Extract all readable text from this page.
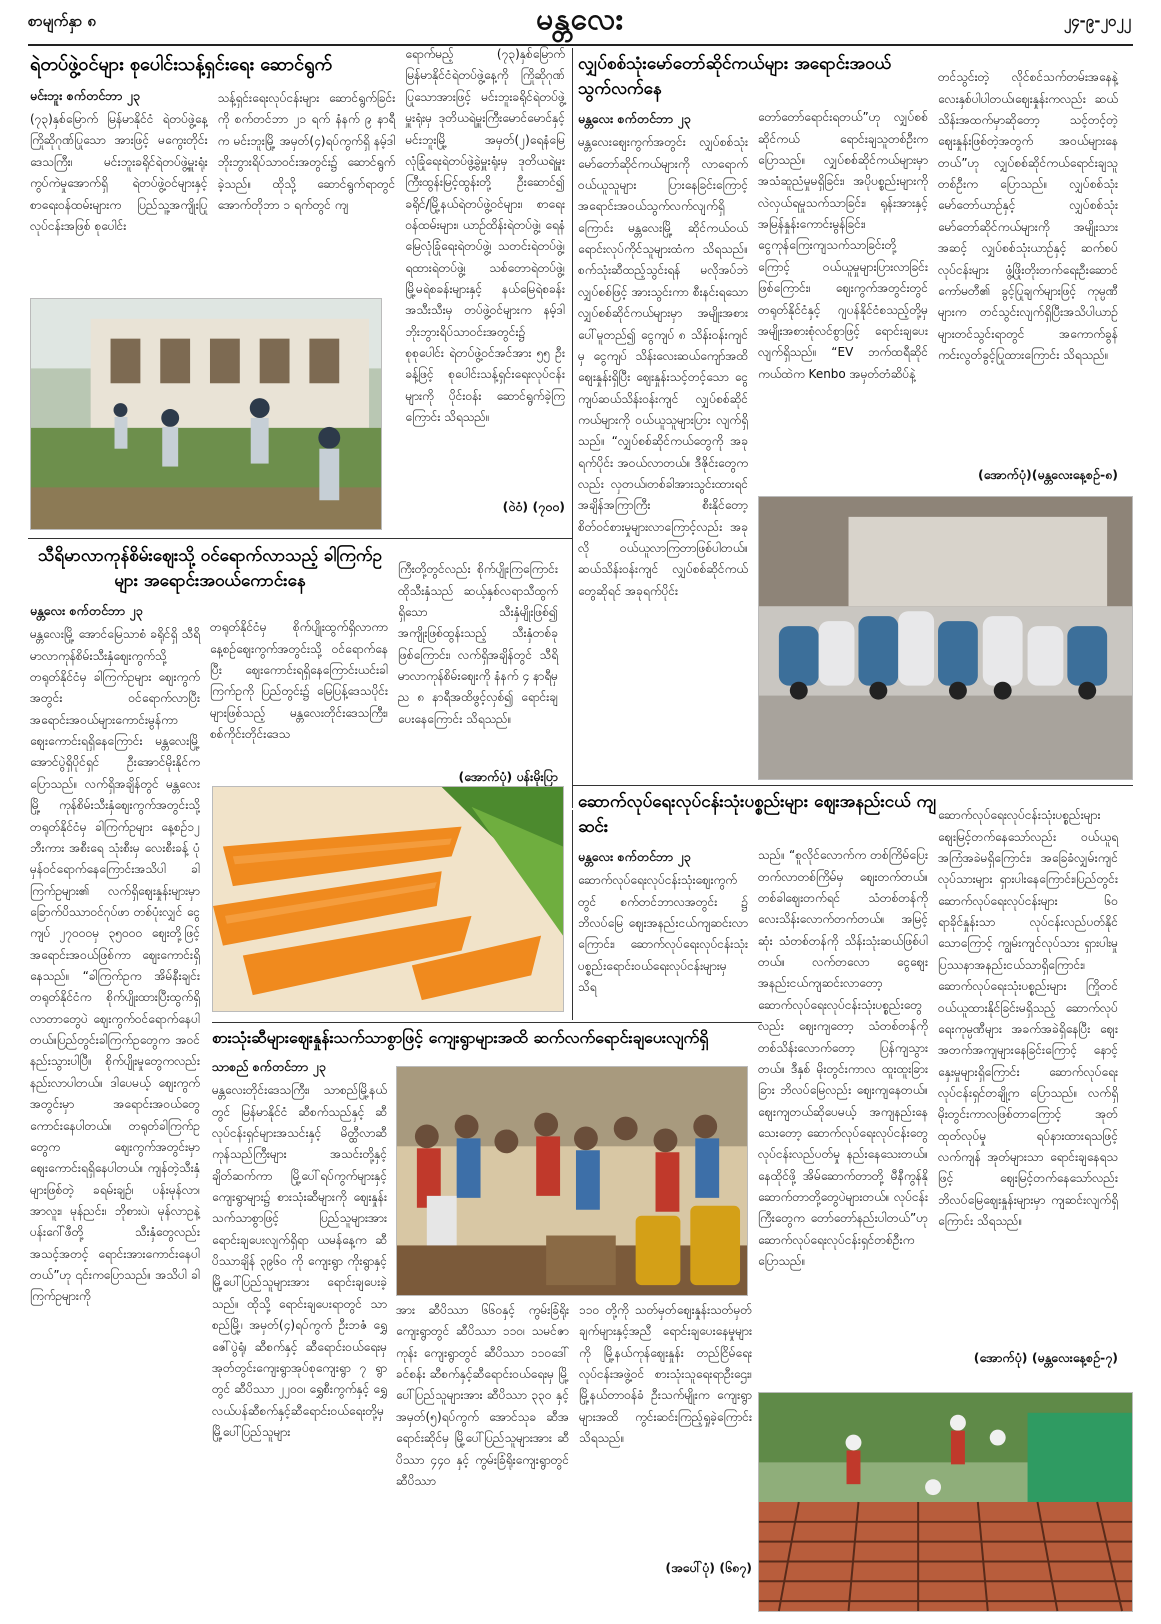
စာမျက်နှာ ၈	မန္တလေး	၂၄-၉-၂၀၂၂
ရဲတပ်ဖွဲ့ဝင်များ စုပေါင်းသန့်ရှင်းရေး ဆောင်ရွက်
မင်းဘူး စက်တင်ဘာ ၂၃
(၇၃)နှစ်မြောက် မြန်မာနိုင်ငံ ရဲတပ်ဖွဲ့နေ့ ကြိုဆိုဂုဏ်ပြုသော အားဖြင့် မကွေးတိုင်းဒေသကြီး၊ မင်းဘူးခရိုင်ရဲတပ်ဖွဲ့မှူးရုံး ကွပ်ကဲမှုအောက်ရှိ ရဲတပ်ဖွဲ့ဝင်များနှင့် စာရေးဝန်ထမ်းများက ပြည်သူ့အကျိုးပြုလုပ်ငန်းအဖြစ် စုပေါင်း
သန့်ရှင်းရေးလုပ်ငန်းများ ဆောင်ရွက်ခြင်းကို စက်တင်ဘာ ၂၁ ရက် နံနက် ၉ နာရီက မင်းဘူးမြို့ အမှတ်(၄)ရပ်ကွက်ရှိ နမ့်ဒါဘိုးဘွားရိပ်သာဝင်းအတွင်း၌ ဆောင်ရွက်ခဲ့သည်။ ထိုသို့ ဆောင်ရွက်ရာတွင် အောက်တိုဘာ ၁ ရက်တွင် ကျ
ရောက်မည့် (၇၃)နှစ်မြောက် မြန်မာနိုင်ငံရဲတပ်ဖွဲ့နေ့ကို ကြိုဆိုဂုဏ်ပြုသောအားဖြင့် မင်းဘူးခရိုင်ရဲတပ်ဖွဲ့မှူးရုံးမှ ဒုတိယရဲမှူးကြီးမောင်မောင်နှင့် မင်းဘူးမြို့ အမှတ်(၂)ရေနံမြေလုံခြုံရေးရဲတပ်ဖွဲ့ခွဲမှူးရုံးမှ ဒုတိယရဲမှူးကြီးထွန်းမြင့်ထွန်းတို့ ဦးဆောင်၍ ခရိုင်/မြို့နယ်ရဲတပ်ဖွဲ့ဝင်များ၊ စာရေးဝန်ထမ်းများ၊ ယာဉ်ထိန်းရဲတပ်ဖွဲ့၊ ရေနံမြေလုံခြုံရေးရဲတပ်ဖွဲ့၊ သတင်းရဲတပ်ဖွဲ့၊ ရထားရဲတပ်ဖွဲ့၊ သစ်တောရဲတပ်ဖွဲ့၊ မြို့မရဲစခန်းများနှင့် နယ်မြေရဲစခန်းအသီးသီးမှ တပ်ဖွဲ့ဝင်များက နမ့်ဒါဘိုးဘွားရိပ်သာဝင်းအတွင်း၌ စုစုပေါင်း ရဲတပ်ဖွဲ့ဝင်အင်အား ၅၅ ဦးခန့်ဖြင့် စုပေါင်းသန့်ရှင်းရေးလုပ်ငန်းများကို ပိုင်းဝန်း ဆောင်ရွက်ခဲ့ကြကြောင်း သိရသည်။
(ဝဲ၀ံ) (၇၀၀)
လျှပ်စစ်သုံးမော်တော်ဆိုင်ကယ်များ အရောင်းအဝယ်သွက်လက်နေ
မန္တလေး စက်တင်ဘာ ၂၃
မန္တလေးဈေးကွက်အတွင်း လျှပ်စစ်သုံး မော်တော်ဆိုင်ကယ်များကို လာရောက်ဝယ်ယူသူများ ပြားနေခြင်းကြောင့် အရောင်းအဝယ်သွက်လက်လျက်ရှိကြောင်း မန္တလေးမြို့ ဆိုင်ကယ်ဝယ်ရောင်းလုပ်ကိုင်သူများထံက သိရသည်။ စက်သုံးဆီထည့်သွင်းရန် မလိုအပ်ဘဲ လျှပ်စစ်ဖြင့် အားသွင်းကာ စီးနင်းရသော လျှပ်စစ်ဆိုင်ကယ်များမှာ အမျိုးအစားပေါ်မူတည်၍ ငွေကျပ် ၈ သိန်းဝန်းကျင်မှ ငွေကျပ် သိန်းလေးဆယ်ကျော်အထိ ဈေးနှုန်းရှိပြီး ဈေးနှုန်းသင့်တင့်သော ငွေကျပ်ဆယ်သိန်းဝန်းကျင် လျှပ်စစ်ဆိုင်ကယ်များကို ဝယ်ယူသူများပြား လျက်ရှိသည်။ “လျှပ်စစ်ဆိုင်ကယ်တွေကို အခုရက်ပိုင်း အဝယ်လာတယ်။ ဒီဇိုင်းတွေကလည်း လှတယ်၊တစ်ခါအားသွင်းထားရင် အချိန်အကြာကြီး စီးနိုင်တော့ စိတ်ဝင်စားမှုများလာကြောင့်လည်း အခုလို ဝယ်ယူလာကြတာဖြစ်ပါတယ်။ ဆယ်သိန်းဝန်းကျင် လျှပ်စစ်ဆိုင်ကယ်တွေဆိုရင် အခုရက်ပိုင်း
တော်တော်ရောင်းရတယ်”ဟု လျှပ်စစ်ဆိုင်ကယ် ရောင်းချသူတစ်ဦးက ပြောသည်။ လျှပ်စစ်ဆိုင်ကယ်များမှာ အသံဆူညံမှုမရှိခြင်း၊ အပိုပစ္စည်းများကို လဲလှယ်ရမှုသက်သာခြင်း၊ ရုန်းအားနှင့် အမြန်နှုန်းကောင်းမွန်ခြင်း၊ ငွေကုန်ကြေးကျသက်သာခြင်းတို့ကြောင့် ဝယ်ယူမှုများပြားလာခြင်းဖြစ်ကြောင်း၊ ဈေးကွက်အတွင်းတွင် တရုတ်နိုင်ငံနှင့် ဂျပန်နိုင်ငံစသည့်တို့မှ အမျိုးအစားစုံလင်စွာဖြင့် ရောင်းချပေးလျက်ရှိသည်။ “EV ဘက်ထရီဆိုင်ကယ်ထဲက Kenbo အမှတ်တံဆိပ်နဲ့
တင်သွင်းတဲ့ လိုင်စင်သက်တမ်းအနေနဲ့ လေးနှစ်ပါပါတယ်၊ဈေးနှုန်းကလည်း ဆယ်သိန်းအထက်မှာဆိုတော့ သင့်တင့်တဲ့ဈေးနှုန်းဖြစ်တဲ့အတွက် အဝယ်များနေတယ်”ဟု လျှပ်စစ်ဆိုင်ကယ်ရောင်းချသူတစ်ဦးက ပြောသည်။ လျှပ်စစ်သုံးမော်တော်ယာဉ်နှင့် လျှပ်စစ်သုံးမော်တော်ဆိုင်ကယ်များကို အမျိုးသားအဆင့် လျှပ်စစ်သုံးယာဉ်နှင့် ဆက်စပ်လုပ်ငန်းများ ဖွံ့ဖြိုးတိုးတက်ရေးဦးဆောင်ကော်မတီ၏ ခွင့်ပြုချက်များဖြင့် ကုမ္ပဏီများက တင်သွင်းလျက်ရှိပြီးအသိပါယာဉ်များတင်သွင်းရာတွင် အကောက်ခွန် ကင်းလွတ်ခွင့်ပြုထားကြောင်း သိရသည်။
(အောက်ပုံ)(မန္တလေးနေ့စဉ်-၈)
သီရိမာလာကုန်စိမ်းဈေးသို့ ဝင်ရောက်လာသည့် ခါကြက်ဥများ အရောင်းအဝယ်ကောင်းနေ
မန္တလေး စက်တင်ဘာ ၂၃
မန္တလေးမြို့ အောင်မြေသာစံ ခရိုင်ရှိ သီရိမာလာကုန်စိမ်းသီးနှံဈေးကွက်သို့ တရုတ်နိုင်ငံမှ ခါကြက်ဥများ ဈေးကွက်အတွင်း ဝင်ရောက်လာပြီး အရောင်းအဝယ်များကောင်းမွန်ကာ ဈေးကောင်းရရှိနေကြောင်း မန္တလေးမြို့ အောင်ပွဲရှိပိုင်ရှင် ဦးအောင်မိုးနိုင်က ပြောသည်။ လက်ရှိအချိန်တွင် မန္တလေးမြို့ ကုန်စိမ်းသီးနှံဈေးကွက်အတွင်းသို့ တရုတ်နိုင်ငံမှ ခါကြက်ဥများ နေ့စဉ်၁၂ ဘီးကား အစီးရေ သုံးစီးမှ လေးစီးခန့် ပုံမှန်ဝင်ရောက်နေကြောင်းအသိပါ ခါကြက်ဥများ၏ လက်ရှိဈေးနှုန်းများမှာ ခြောက်ပိဿာဝင်ဂုပ်ဖာ တစ်ပုံးလျှင် ငွေကျပ် ၂၇၀၀၀မှ ၃၅၀၀၀ ဈေးတို့ဖြင့် အရောင်းအဝယ်ဖြစ်ကာ ဈေးကောင်းရှိနေသည်။ “ခါကြက်ဥက အိမ်နီးချင်းတရုတ်နိုင်ငံက စိုက်ပျိုးထားပြီးထွက်ရှိလာတာတွေပဲ ဈေးကွက်ဝင်ရောက်နေပါတယ်။ပြည်တွင်းခါကြက်ဥတွေက အဝင်နည်းသွားပါပြီ။ စိုက်ပျိုးမှုတွေကလည်း နည်းလာပါတယ်။ ဒါပေမယ့် ဈေးကွက်အတွင်းမှာ အရောင်းအဝယ်တွေ ကောင်းနေပါတယ်။ တရုတ်ခါကြက်ဥတွေက ဈေးကွက်အတွင်းမှာ ဈေးကောင်းရရှိနေပါတယ်။ ကျန်တဲ့သီးနှံများဖြစ်တဲ့ ခရမ်းချဉ်၊ ပန်းမုန်လာ၊ အာလူး၊ မုန်ညင်း၊ ဘိုစားပဲ၊ မုန်လာဥနဲ့ ပန်းဂေါ်ဖီတို့ သီးနှံတွေလည်း အသင့်အတင့် ရောင်းအားကောင်းနေပါတယ်”ဟု ၎င်းကပြောသည်။ အသိပါ ခါကြက်ဥများကို
တရုတ်နိုင်ငံမှ စိုက်ပျိုးထွက်ရှိလာကာ နေ့စဉ်ဈေးကွက်အတွင်းသို့ ဝင်ရောက်နေပြီး ဈေးကောင်းရရှိနေကြောင်းယင်းခါကြက်ဥကို ပြည်တွင်း၌ မြေပြန့်ဒေသပိုင်းများဖြစ်သည့် မန္တလေးတိုင်းဒေသကြီး၊ စစ်ကိုင်းတိုင်းဒေသ
ကြီးတို့တွင်လည်း စိုက်ပျိုးကြကြောင်းထိုသီးနှံသည် ဆယ့်နှစ်လရာသီထွက်ရှိသော သီးနှံမျိုးဖြစ်၍ အကျိုးဖြစ်ထွန်းသည့် သီးနှံတစ်ခုဖြစ်ကြောင်း၊ လက်ရှိအချိန်တွင် သီရိမာလာကုန်စိမ်းဈေးကို နံနက် ၄ နာရီမှ ည ၈ နာရီအထိဖွင့်လှစ်၍ ရောင်းချပေးနေကြောင်း သိရသည်။
(အောက်ပုံ) ပန်းမိုးပြာ
ဆောက်လုပ်ရေးလုပ်ငန်းသုံးပစ္စည်းများ ဈေးအနည်းငယ် ကျဆင်း
မန္တလေး စက်တင်ဘာ ၂၃
ဆောက်လုပ်ရေးလုပ်ငန်းသုံးဈေးကွက်တွင် စက်တင်ဘာလအတွင်း ၌ ဘိလပ်မြေ ဈေးအနည်းငယ်ကျဆင်းလာကြောင်း၊ ဆောက်လုပ်ရေးလုပ်ငန်းသုံးပစ္စည်းရောင်းဝယ်ရေးလုပ်ငန်းများမှ သိရ
သည်။ “စူလိုင်လောက်က တစ်ကြိမ်ပြေးတက်လာတစ်ကြိမ်မှ ဈေးတက်တယ်။ တစ်ခါဈေးတက်ရင် သံတစ်တန်ကို လေးသိန်းလောက်တက်တယ်။ အမြင့်ဆုံး သံတစ်တန်ကို သိန်းသုံးဆယ်ဖြစ်ပါတယ်။ လက်တလော ငွေဈေးအနည်းငယ်ကျဆင်းလာတော့ ဆောက်လုပ်ရေးလုပ်ငန်းသုံးပစ္စည်းတွေလည်း ဈေးကျတော့ သံတစ်တန်ကို တစ်သိန်းလောက်တော့ ပြန်ကျသွားတယ်။ ဒီနှစ် မိုးတွင်းကာလ ထူးထူးခြားခြား ဘိလပ်မြေလည်း ဈေးကျနေတယ်။ ဈေးကျတယ်ဆိုပေမယ့် အကျနည်းနေသေးတော့ ဆောက်လုပ်ရေးလုပ်ငန်းတွေ လုပ်ငန်းလည်ပတ်မှု နည်းနေသေးတယ်။ နေထိုင်ဖို့ အိမ်ဆောက်တာတို့ မီနီကွန်နိုဆောက်တာတို့တွေပဲများတယ်။ လုပ်ငန်းကြီးတွေက တော်တော်နည်းပါတယ်”ဟု ဆောက်လုပ်ရေးလုပ်ငန်းရှင်တစ်ဦးက ပြောသည်။
ဆောက်လုပ်ရေးလုပ်ငန်းသုံးပစ္စည်းများ ဈေးမြင့်တက်နေသော်လည်း ဝယ်ယူရအကြံအခဲမရှိကြောင်း၊ အခြေခံလျှမ်းကျင်လုပ်သားများ ရှားပါးနေကြောင်း၊ပြည်တွင်းဆောက်လုပ်ရေးလုပ်ငန်းများ ၆၀ ရာခိုင်နှုန်းသာ လုပ်ငန်းလည်ပတ်နိုင်သောကြောင့် ကျွမ်းကျင်လုပ်သား ရှားပါးမှုပြဿနာအနည်းငယ်သာရှိကြောင်း၊ဆောက်လုပ်ရေးသုံးပစ္စည်းများ ကြိုတင်ဝယ်ယူထားနိုင်ခြင်းမရှိသည့် ဆောက်လုပ်ရေးကုမ္ပဏီများ အခက်အခဲရှိနေပြီး ဈေးအတက်အကျများနေခြင်းကြောင့် နောင့်နှေးမှုများရှိကြောင်း ဆောက်လုပ်ရေးလုပ်ငန်းရှင်တချို့က ပြောသည်။ လက်ရှိ မိုးတွင်းကာလဖြစ်တာကြောင့် အုတ်ထုတ်လုပ်မှု ရပ်နားထားရသဖြင့် လက်ကျန် အုတ်များသာ ရောင်းချနေရသဖြင့် ဈေးမြင့်တက်နေသော်လည်း ဘိလပ်မြေဈေးနှုန်းများမှာ ကျဆင်းလျက်ရှိကြောင်း သိရသည်။
(အောက်ပုံ) (မန္တလေးနေ့စဉ်-၇)
စားသုံးဆီများဈေးနှုန်းသက်သာစွာဖြင့် ကျေးရွာများအထိ ဆက်လက်ရောင်းချပေးလျက်ရှိ
သာစည် စက်တင်ဘာ ၂၃
မန္တလေးတိုင်းဒေသကြီး၊ သာစည်မြို့နယ်တွင် မြန်မာနိုင်ငံ ဆီစက်သည်နှင့် ဆီလုပ်ငန်းရှင်များအသင်းနှင့် မိတ္ထီလာဆီကုန်သည်ကြီးများ အသင်းတို့နှင့် ချိတ်ဆက်ကာ မြို့ပေါ်ရပ်ကွက်များနှင့် ကျေးရွာများ၌ စားသုံးဆီများကို ဈေးနှုန်းသက်သာစွာဖြင့် ပြည်သူများအားရောင်းချပေးလျက်ရှိရာ ယမန်နေ့က ဆီပိဿာချိန် ၃၉၆၀ ကို ကျေးရွာ ကိုးရွာနှင့် မြို့ပေါ်ပြည်သူများအား ရောင်းချပေးခဲ့သည်။ ထိုသို့ ရောင်းချပေးရာတွင် သာစည်မြို့၊ အမှတ်(၄)ရပ်ကွက် ဦးဘဇံ ရွှေဇေါ်ပွဲရုံ၊ ဆီစက်နှင့် ဆီရောင်းဝယ်ရေးမှ အုတ်တွင်းကျေးရွာအုပ်စုကျေးရွာ ၇ ရွာတွင် ဆီပိဿာ ၂၂၀၀၊ ရွှေစီးကွက်နှင့် ရွှေလယ်ပန်ဆီစက်နှင့်ဆီရောင်းဝယ်ရေးတို့မှ မြို့ပေါ်ပြည်သူများ
အား ဆီပိဿာ ၆၆၀နှင့် ကွမ်းခြံရိုးကျေးရွာတွင် ဆီပိဿာ ၁၁၀၊ သမင်ဇာကုန်း ကျေးရွာတွင် ဆီပိဿာ ၁၁၀ဒေါ်ခင်စန်း ဆီစက်နှင့်ဆီရောင်းဝယ်ရေးမှ မြို့ပေါ်ပြည်သူများအား ဆီပိဿာ ၃၃၀ နှင့် အမှတ်(၅)ရပ်ကွက် အောင်သုခ ဆီအရောင်းဆိုင်မှ မြို့ပေါ်ပြည်သူများအား ဆီပိဿာ ၄၄၀ နှင့် ကွမ်းခြံရိုးကျေးရွာတွင် ဆီပိဿာ
၁၁၀ တို့ကို သတ်မှတ်ဈေးနှုန်းသတ်မှတ်ချက်များနှင့်အညီ ရောင်းချပေးနေမှုများကို မြို့နယ်ကုန်ဈေးနှုန်း တည်ငြိမ်ရေးလုပ်ငန်းအဖွဲ့ဝင် စားသုံးသူရေးရာဦးဌေး၊ မြို့နယ်တာဝန်ခံ ဦးသက်မျိုးက ကျေးရွာများအထိ ကွင်းဆင်းကြည့်ရှုခဲ့ကြောင်း သိရသည်။
(အပေါ်ပုံ) (၆၈၇)
